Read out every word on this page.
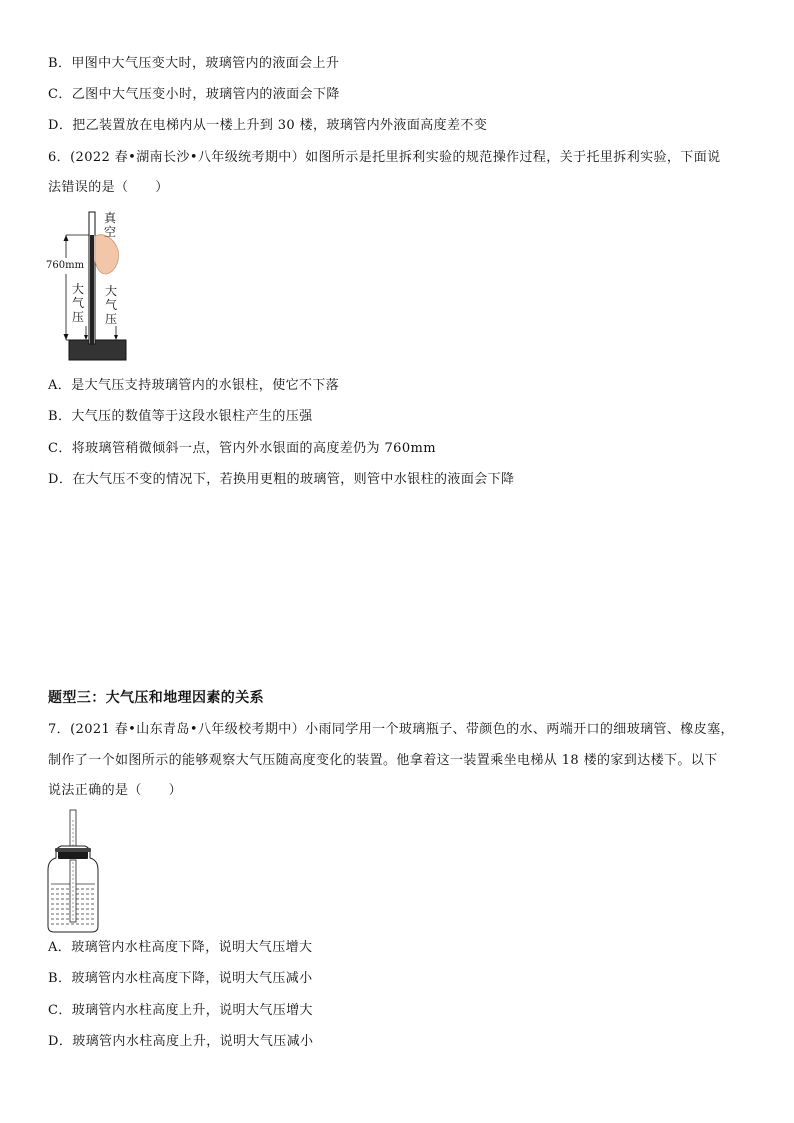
B．甲图中大气压变大时，玻璃管内的液面会上升
C．乙图中大气压变小时，玻璃管内的液面会下降
D．把乙装置放在电梯内从一楼上升到 30 楼，玻璃管内外液面高度差不变
6．(2022 春•湖南长沙•八年级统考期中）如图所示是托里拆利实验的规范操作过程，关于托里拆利实验，下面说
法错误的是（　　）
真
空
760mm
大
气
压
大
气
压
A．是大气压支持玻璃管内的水银柱，使它不下落
B．大气压的数值等于这段水银柱产生的压强
C．将玻璃管稍微倾斜一点，管内外水银面的高度差仍为 760mm
D．在大气压不变的情况下，若换用更粗的玻璃管，则管中水银柱的液面会下降
题型三：大气压和地理因素的关系
7．(2021 春•山东青岛•八年级校考期中）小雨同学用一个玻璃瓶子、带颜色的水、两端开口的细玻璃管、橡皮塞，
制作了一个如图所示的能够观察大气压随高度变化的装置。他拿着这一装置乘坐电梯从 18 楼的家到达楼下。以下
说法正确的是（　　）
A．玻璃管内水柱高度下降，说明大气压增大
B．玻璃管内水柱高度下降，说明大气压减小
C．玻璃管内水柱高度上升，说明大气压增大
D．玻璃管内水柱高度上升，说明大气压减小
